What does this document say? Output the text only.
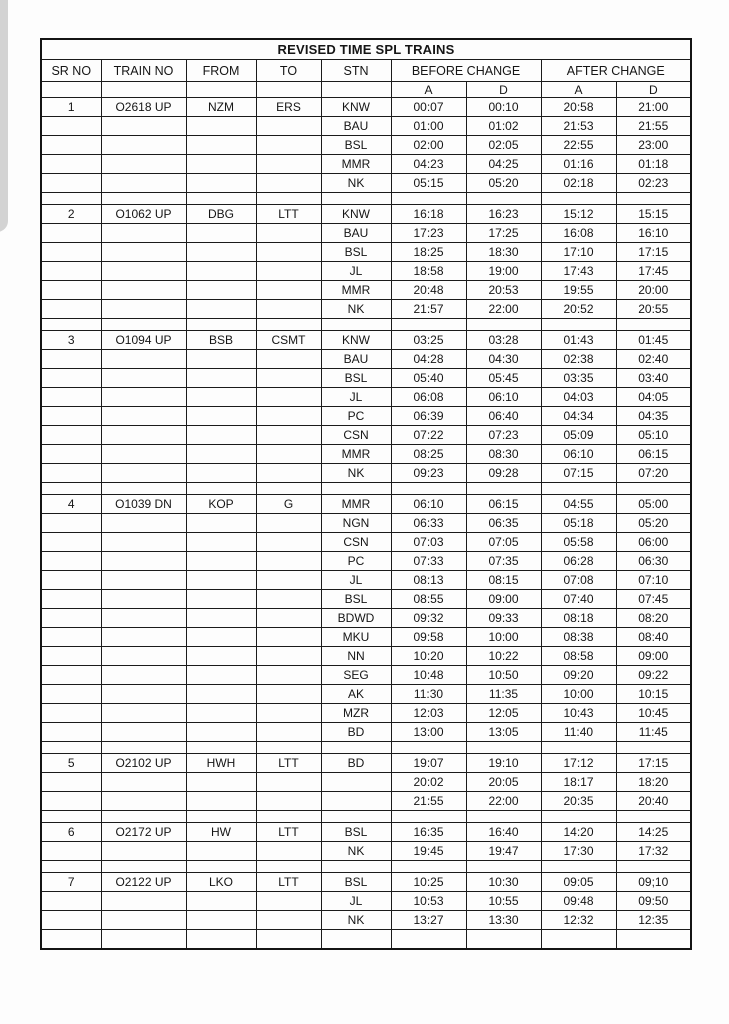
REVISED TIME SPL TRAINS								
SR NO	TRAIN NO	FROM	TO	STN	BEFORE CHANGE		AFTER CHANGE	
					A	D	A	D
1	O2618 UP	NZM	ERS	KNW	00:07	00:10	20:58	21:00
				BAU	01:00	01:02	21:53	21:55
				BSL	02:00	02:05	22:55	23:00
				MMR	04:23	04:25	01:16	01:18
				NK	05:15	05:20	02:18	02:23

2	O1062 UP	DBG	LTT	KNW	16:18	16:23	15:12	15:15
				BAU	17:23	17:25	16:08	16:10
				BSL	18:25	18:30	17:10	17:15
				JL	18:58	19:00	17:43	17:45
				MMR	20:48	20:53	19:55	20:00
				NK	21:57	22:00	20:52	20:55

3	O1094 UP	BSB	CSMT	KNW	03:25	03:28	01:43	01:45
				BAU	04:28	04:30	02:38	02:40
				BSL	05:40	05:45	03:35	03:40
				JL	06:08	06:10	04:03	04:05
				PC	06:39	06:40	04:34	04:35
				CSN	07:22	07:23	05:09	05:10
				MMR	08:25	08:30	06:10	06:15
				NK	09:23	09:28	07:15	07:20

4	O1039 DN	KOP	G	MMR	06:10	06:15	04:55	05:00
				NGN	06:33	06:35	05:18	05:20
				CSN	07:03	07:05	05:58	06:00
				PC	07:33	07:35	06:28	06:30
				JL	08:13	08:15	07:08	07:10
				BSL	08:55	09:00	07:40	07:45
				BDWD	09:32	09:33	08:18	08:20
				MKU	09:58	10:00	08:38	08:40
				NN	10:20	10:22	08:58	09:00
				SEG	10:48	10:50	09:20	09:22
				AK	11:30	11:35	10:00	10:15
				MZR	12:03	12:05	10:43	10:45
				BD	13:00	13:05	11:40	11:45

5	O2102 UP	HWH	LTT	BD	19:07	19:10	17:12	17:15
					20:02	20:05	18:17	18:20
					21:55	22:00	20:35	20:40

6	O2172 UP	HW	LTT	BSL	16:35	16:40	14:20	14:25
				NK	19:45	19:47	17:30	17:32

7	O2122 UP	LKO	LTT	BSL	10:25	10:30	09:05	09;10
				JL	10:53	10:55	09:48	09:50
				NK	13:27	13:30	12:32	12:35
